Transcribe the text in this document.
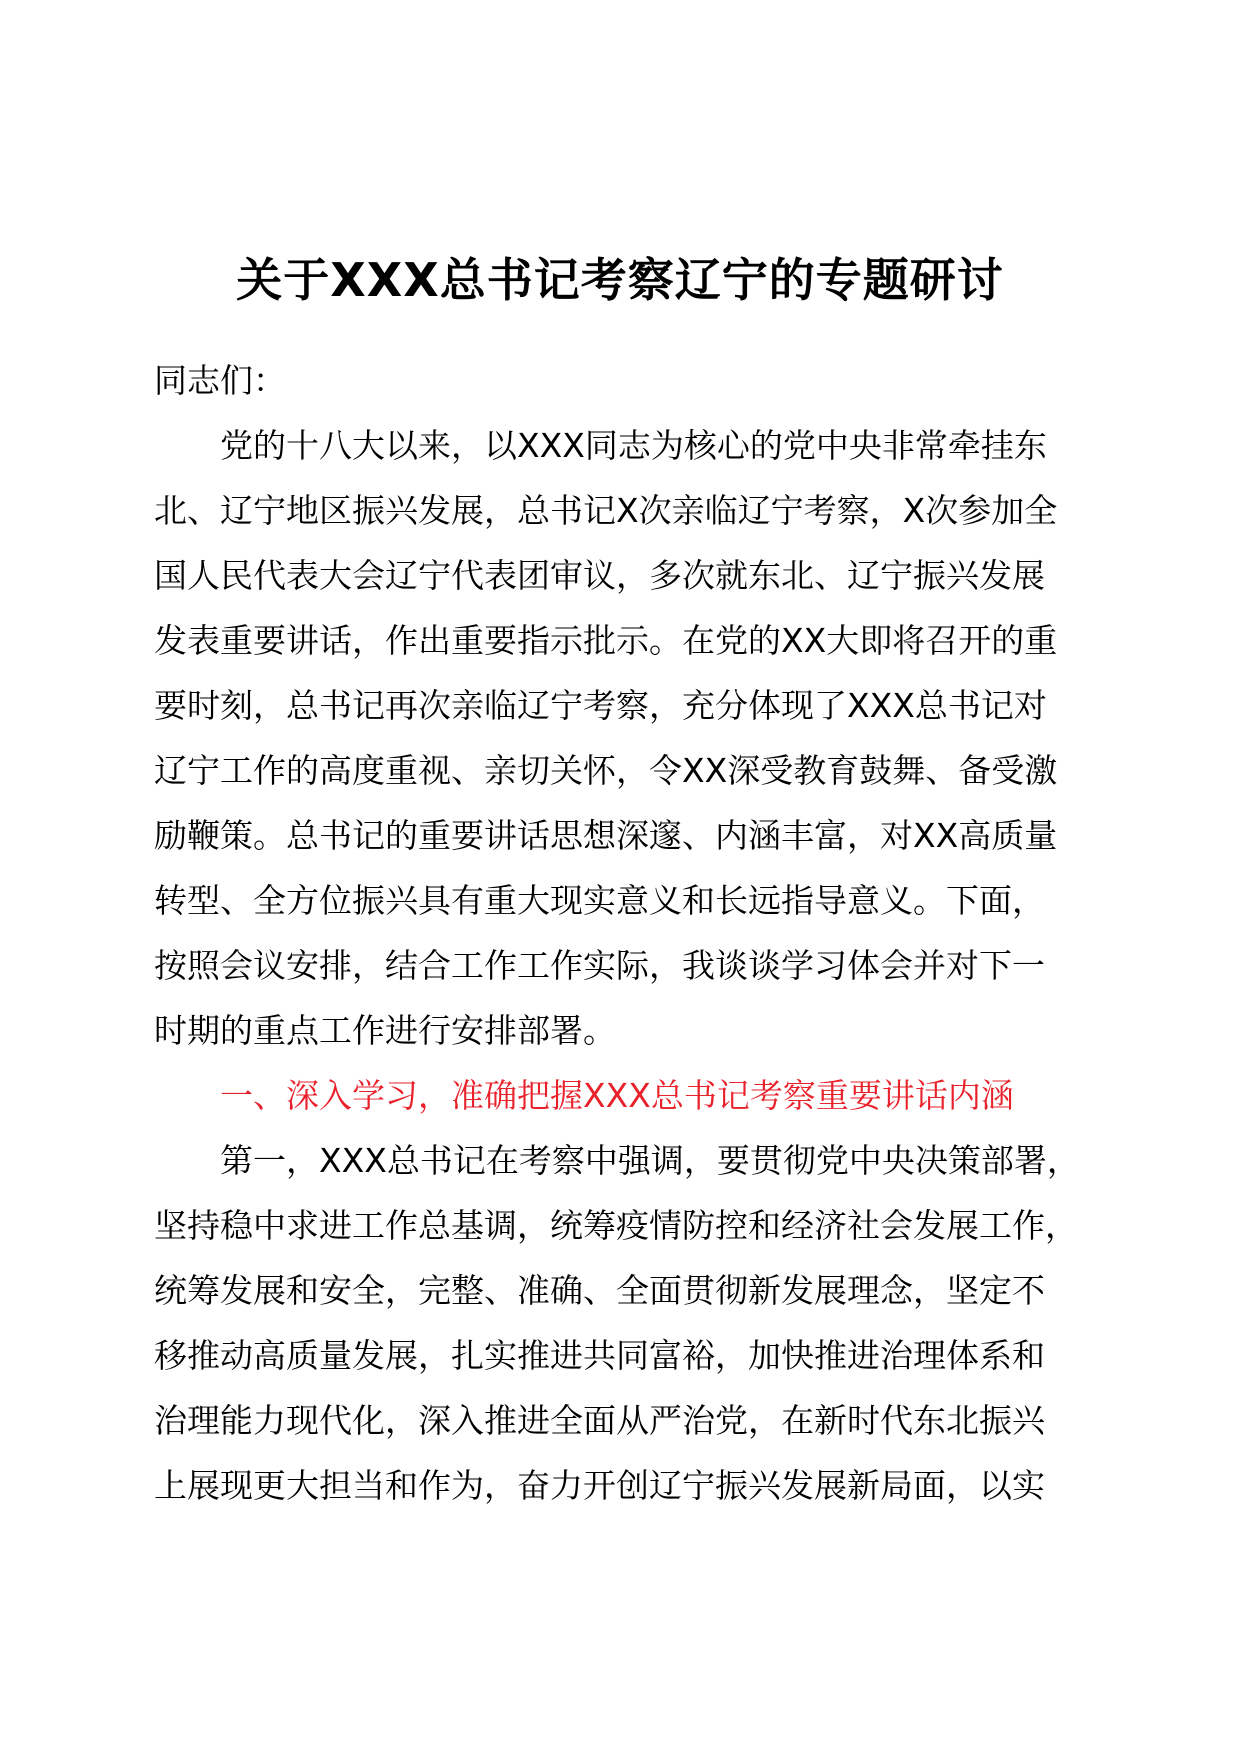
关于XXX总书记考察辽宁的专题研讨
同志们：
党的十八大以来，以XXX同志为核心的党中央非常牵挂东
北、辽宁地区振兴发展，总书记X次亲临辽宁考察，X次参加全
国人民代表大会辽宁代表团审议，多次就东北、辽宁振兴发展
发表重要讲话，作出重要指示批示。在党的XX大即将召开的重
要时刻，总书记再次亲临辽宁考察，充分体现了XXX总书记对
辽宁工作的高度重视、亲切关怀，令XX深受教育鼓舞、备受激
励鞭策。总书记的重要讲话思想深邃、内涵丰富，对XX高质量
转型、全方位振兴具有重大现实意义和长远指导意义。下面，
按照会议安排，结合工作工作实际，我谈谈学习体会并对下一
时期的重点工作进行安排部署。
一、深入学习，准确把握XXX总书记考察重要讲话内涵
第一，XXX总书记在考察中强调，要贯彻党中央决策部署，
坚持稳中求进工作总基调，统筹疫情防控和经济社会发展工作，
统筹发展和安全，完整、准确、全面贯彻新发展理念，坚定不
移推动高质量发展，扎实推进共同富裕，加快推进治理体系和
治理能力现代化，深入推进全面从严治党，在新时代东北振兴
上展现更大担当和作为，奋力开创辽宁振兴发展新局面，以实
